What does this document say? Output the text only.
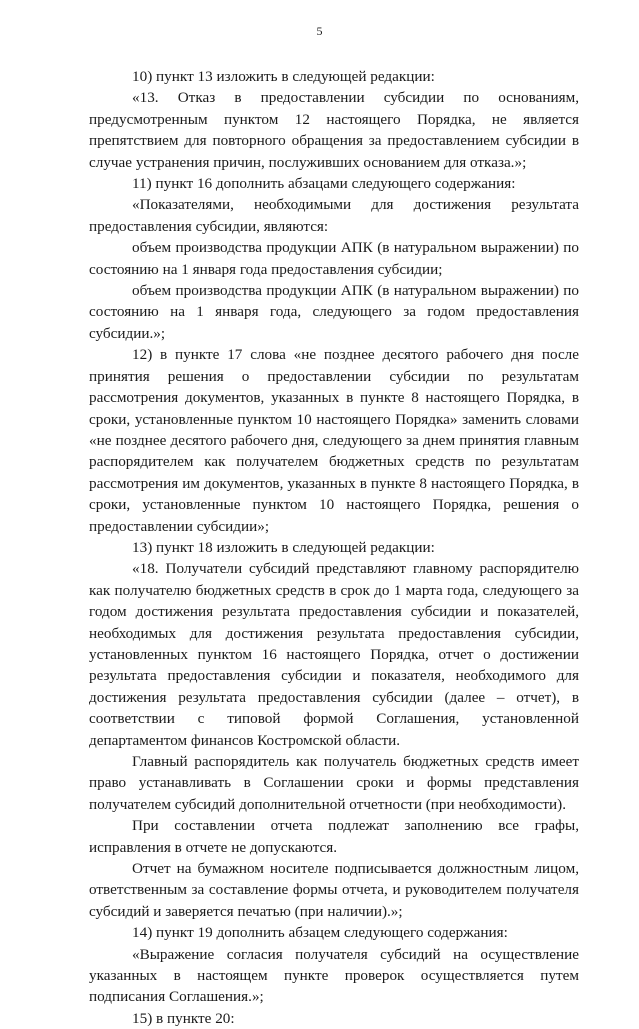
5

10) пункт 13 изложить в следующей редакции:

«13. Отказ в предоставлении субсидии по основаниям, предусмотренным пунктом 12 настоящего Порядка, не является препятствием для повторного обращения за предоставлением субсидии в случае устранения причин, послуживших основанием для отказа.»;

11) пункт 16 дополнить абзацами следующего содержания:

«Показателями, необходимыми для достижения результата предоставления субсидии, являются:

объем производства продукции АПК (в натуральном выражении) по состоянию на 1 января года предоставления субсидии;

объем производства продукции АПК (в натуральном выражении) по состоянию на 1 января года, следующего за годом предоставления субсидии.»;

12) в пункте 17 слова «не позднее десятого рабочего дня после принятия решения о предоставлении субсидии по результатам рассмотрения документов, указанных в пункте 8 настоящего Порядка, в сроки, установленные пунктом 10 настоящего Порядка» заменить словами «не позднее десятого рабочего дня, следующего за днем принятия главным распорядителем как получателем бюджетных средств по результатам рассмотрения им документов, указанных в пункте 8 настоящего Порядка, в сроки, установленные пунктом 10 настоящего Порядка, решения о предоставлении субсидии»;

13) пункт 18 изложить в следующей редакции:

«18. Получатели субсидий представляют главному распорядителю как получателю бюджетных средств в срок до 1 марта года, следующего за годом достижения результата предоставления субсидии и показателей, необходимых для достижения результата предоставления субсидии, установленных пунктом 16 настоящего Порядка, отчет о достижении результата предоставления субсидии и показателя, необходимого для достижения результата предоставления субсидии (далее – отчет), в соответствии с типовой формой Соглашения, установленной департаментом финансов Костромской области.

Главный распорядитель как получатель бюджетных средств имеет право устанавливать в Соглашении сроки и формы представления получателем субсидий дополнительной отчетности (при необходимости).

При составлении отчета подлежат заполнению все графы, исправления в отчете не допускаются.

Отчет на бумажном носителе подписывается должностным лицом, ответственным за составление формы отчета, и руководителем получателя субсидий и заверяется печатью (при наличии).»;

14) пункт 19 дополнить абзацем следующего содержания:

«Выражение согласия получателя субсидий на осуществление указанных в настоящем пункте проверок осуществляется путем подписания Соглашения.»;

15) в пункте 20:
